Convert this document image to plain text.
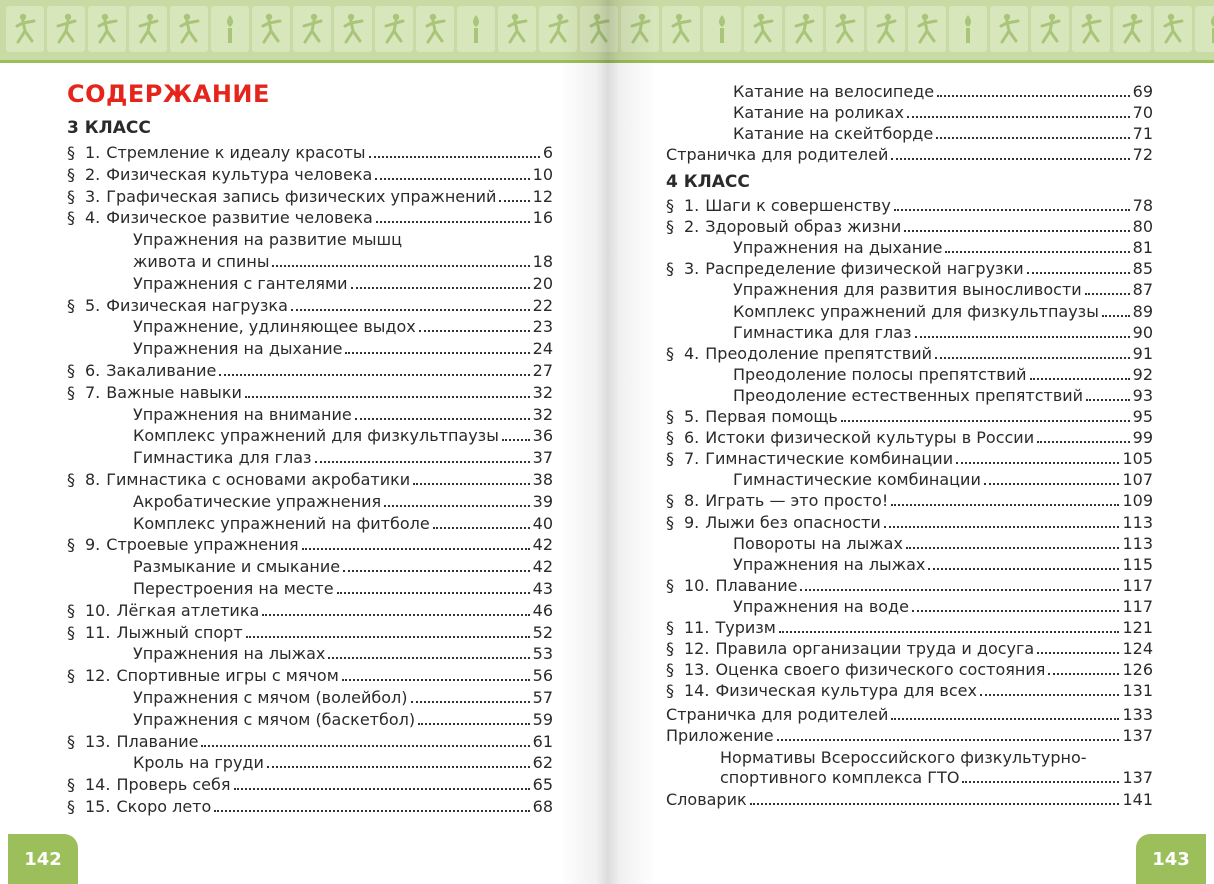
СОДЕРЖАНИЕ
3 КЛАСС
§ 1. Стремление к идеалу красоты	6
§ 2. Физическая культура человека	10
§ 3. Графическая запись физических упражнений 12
§ 4. Физическое развитие человека	16
Упражнения на развитие мышц
живота и спины	18
Упражнения с гантелями	20
§ 5. Физическая нагрузка	22
Упражнение, удлиняющее выдох	23
Упражнения на дыхание	24
§ 6. Закаливание	27
§ 7. Важные навыки	32
Упражнения на внимание	32
Комплекс упражнений для физкультпаузы 36
Гимнастика для глаз	37
§ 8. Гимнастика с основами акробатики	38
Акробатические упражнения	39
Комплекс упражнений на фитболе	40
§ 9. Строевые упражнения	42
Размыкание и смыкание	42
Перестроения на месте	43
§ 10. Лёгкая атлетика	46
§ 11. Лыжный спорт	52
Упражнения на лыжах	53
§ 12. Спортивные игры с мячом	56
Упражнения с мячом (волейбол)	57
Упражнения с мячом (баскетбол)	59
§ 13. Плавание	61
Кроль на груди	62
§ 14. Проверь себя	65
§ 15. Скоро лето	68
Катание на велосипеде	69
Катание на роликах	70
Катание на скейтборде	71
Страничка для родителей	72
4 КЛАСС
§ 1. Шаги к совершенству	78
§ 2. Здоровый образ жизни	80
Упражнения на дыхание	81
§ 3. Распределение физической нагрузки	85
Упражнения для развития выносливости	87
Комплекс упражнений для физкультпаузы 89
Гимнастика для глаз	90
§ 4. Преодоление препятствий	91
Преодоление полосы препятствий	92
Преодоление естественных препятствий	93
§ 5. Первая помощь	95
§ 6. Истоки физической культуры в России	99
§ 7. Гимнастические комбинации	105
Гимнастические комбинации	107
§ 8. Играть — это просто!	109
§ 9. Лыжи без опасности	113
Повороты на лыжах	113
Упражнения на лыжах	115
§ 10. Плавание	117
Упражнения на воде	117
§ 11. Туризм	121
§ 12. Правила организации труда и досуга	124
§ 13. Оценка своего физического состояния	126
§ 14. Физическая культура для всех	131
Страничка для родителей	133
Приложение	137
Нормативы Всероссийского физкультурно-
спортивного комплекса ГТО	137
Словарик	141
142	143
